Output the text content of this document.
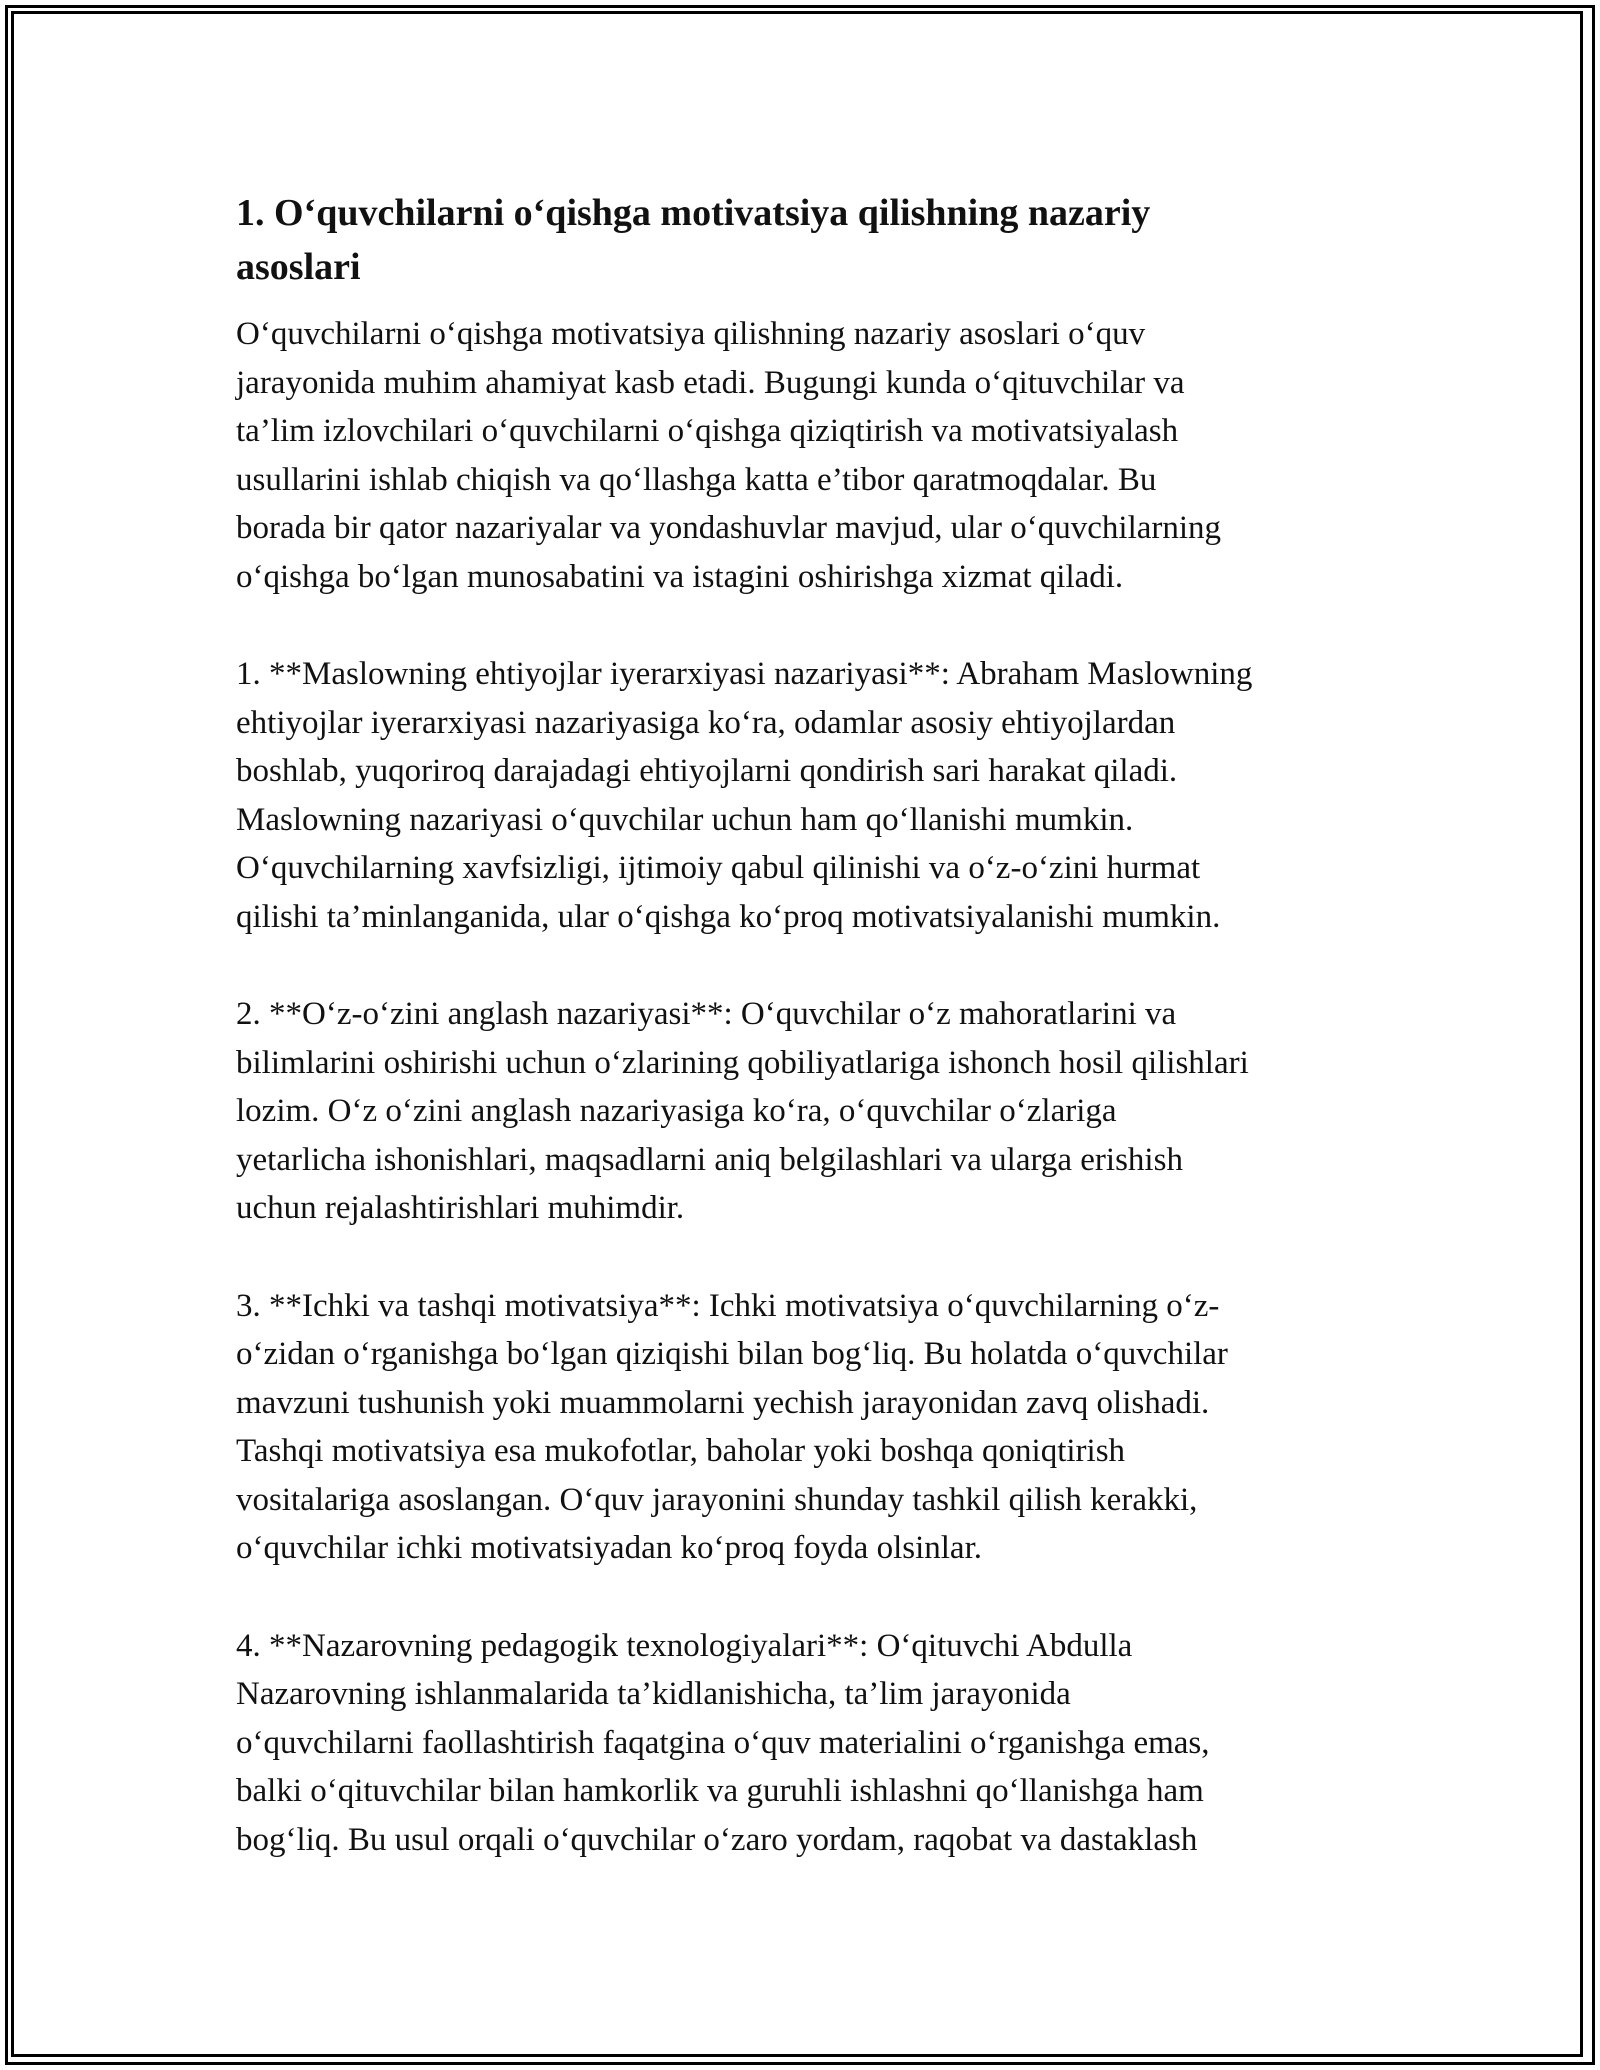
1. O‘quvchilarni o‘qishga motivatsiya qilishning nazariy
asoslari

O‘quvchilarni o‘qishga motivatsiya qilishning nazariy asoslari o‘quv
jarayonida muhim ahamiyat kasb etadi. Bugungi kunda o‘qituvchilar va
ta’lim izlovchilari o‘quvchilarni o‘qishga qiziqtirish va motivatsiyalash
usullarini ishlab chiqish va qo‘llashga katta e’tibor qaratmoqdalar. Bu
borada bir qator nazariyalar va yondashuvlar mavjud, ular o‘quvchilarning
o‘qishga bo‘lgan munosabatini va istagini oshirishga xizmat qiladi.

1. **Maslowning ehtiyojlar iyerarxiyasi nazariyasi**: Abraham Maslowning
ehtiyojlar iyerarxiyasi nazariyasiga ko‘ra, odamlar asosiy ehtiyojlardan
boshlab, yuqoriroq darajadagi ehtiyojlarni qondirish sari harakat qiladi.
Maslowning nazariyasi o‘quvchilar uchun ham qo‘llanishi mumkin.
O‘quvchilarning xavfsizligi, ijtimoiy qabul qilinishi va o‘z-o‘zini hurmat
qilishi ta’minlanganida, ular o‘qishga ko‘proq motivatsiyalanishi mumkin.

2. **O‘z-o‘zini anglash nazariyasi**: O‘quvchilar o‘z mahoratlarini va
bilimlarini oshirishi uchun o‘zlarining qobiliyatlariga ishonch hosil qilishlari
lozim. O‘z o‘zini anglash nazariyasiga ko‘ra, o‘quvchilar o‘zlariga
yetarlicha ishonishlari, maqsadlarni aniq belgilashlari va ularga erishish
uchun rejalashtirishlari muhimdir.

3. **Ichki va tashqi motivatsiya**: Ichki motivatsiya o‘quvchilarning o‘z-
o‘zidan o‘rganishga bo‘lgan qiziqishi bilan bog‘liq. Bu holatda o‘quvchilar
mavzuni tushunish yoki muammolarni yechish jarayonidan zavq olishadi.
Tashqi motivatsiya esa mukofotlar, baholar yoki boshqa qoniqtirish
vositalariga asoslangan. O‘quv jarayonini shunday tashkil qilish kerakki,
o‘quvchilar ichki motivatsiyadan ko‘proq foyda olsinlar.

4. **Nazarovning pedagogik texnologiyalari**: O‘qituvchi Abdulla
Nazarovning ishlanmalarida ta’kidlanishicha, ta’lim jarayonida
o‘quvchilarni faollashtirish faqatgina o‘quv materialini o‘rganishga emas,
balki o‘qituvchilar bilan hamkorlik va guruhli ishlashni qo‘llanishga ham
bog‘liq. Bu usul orqali o‘quvchilar o‘zaro yordam, raqobat va dastaklash
